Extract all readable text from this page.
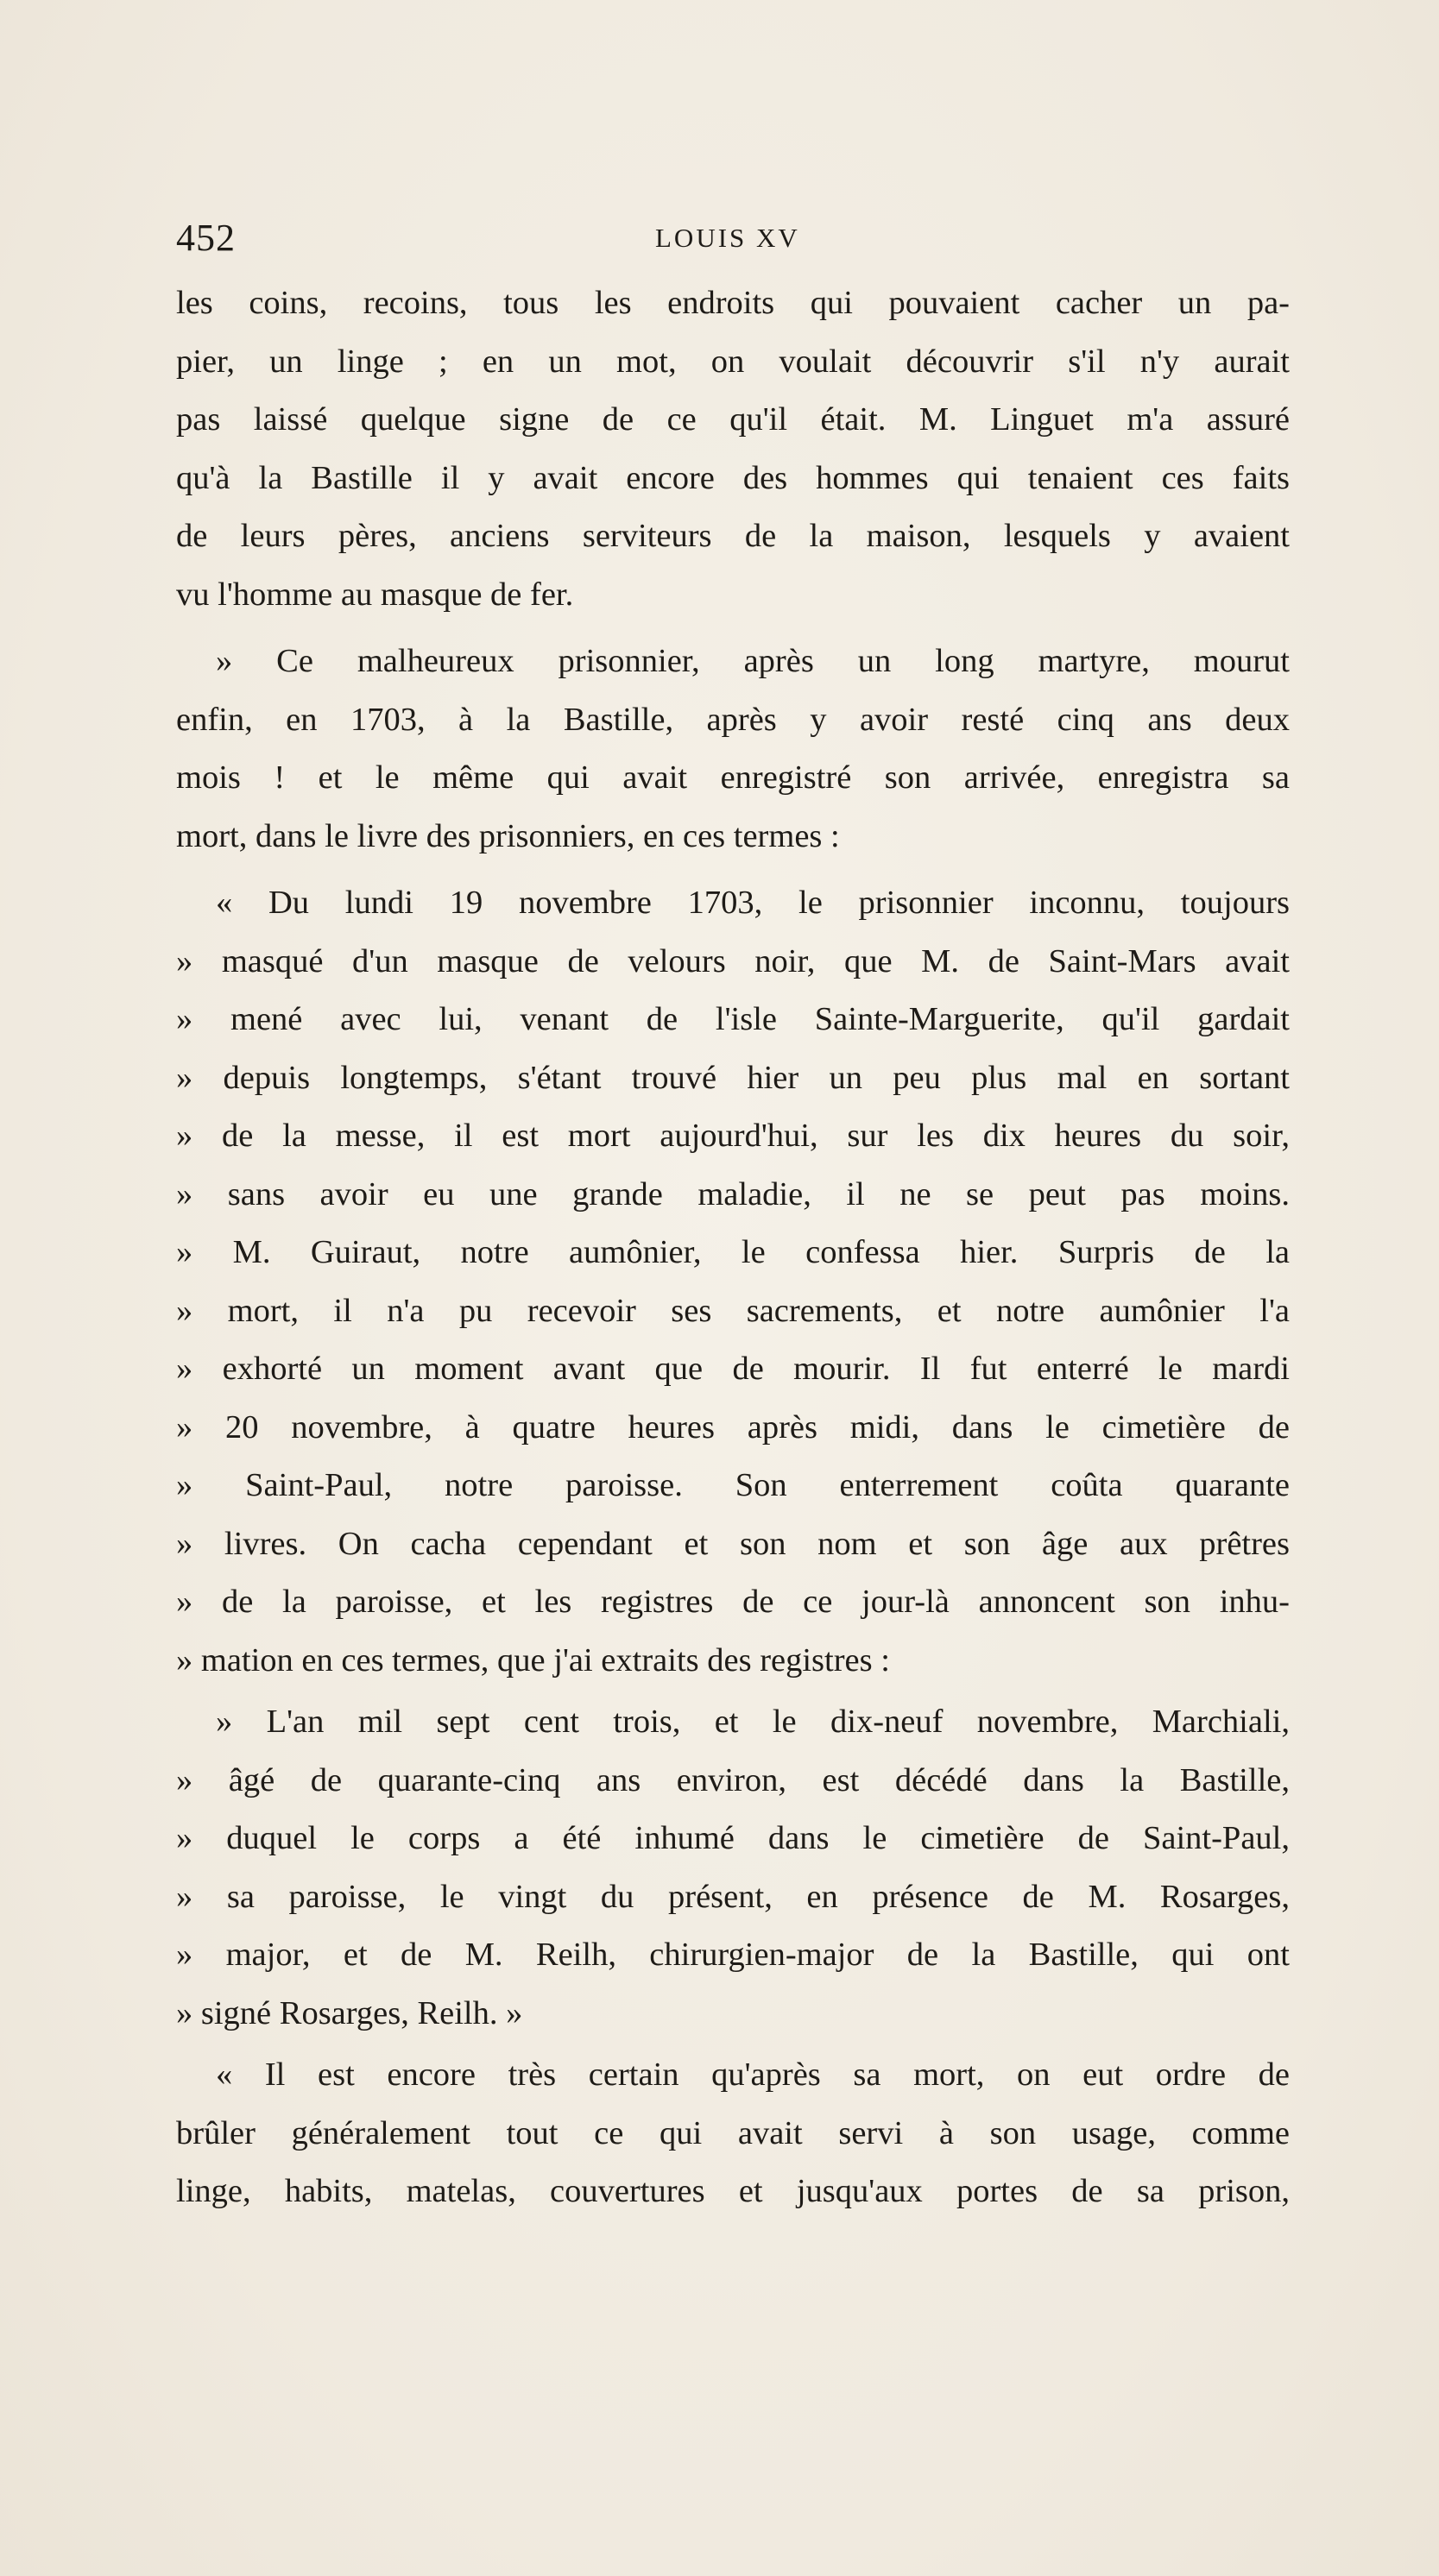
452	LOUIS XV
les coins, recoins, tous les endroits qui pouvaient cacher un pa-
pier, un linge ; en un mot, on voulait découvrir s'il n'y aurait
pas laissé quelque signe de ce qu'il était. M. Linguet m'a assuré
qu'à la Bastille il y avait encore des hommes qui tenaient ces faits
de leurs pères, anciens serviteurs de la maison, lesquels y avaient
vu l'homme au masque de fer.
» Ce malheureux prisonnier, après un long martyre, mourut
enfin, en 1703, à la Bastille, après y avoir resté cinq ans deux
mois ! et le même qui avait enregistré son arrivée, enregistra sa
mort, dans le livre des prisonniers, en ces termes :
« Du lundi 19 novembre 1703, le prisonnier inconnu, toujours
» masqué d'un masque de velours noir, que M. de Saint-Mars avait
» mené avec lui, venant de l'isle Sainte-Marguerite, qu'il gardait
» depuis longtemps, s'étant trouvé hier un peu plus mal en sortant
» de la messe, il est mort aujourd'hui, sur les dix heures du soir,
» sans avoir eu une grande maladie, il ne se peut pas moins.
» M. Guiraut, notre aumônier, le confessa hier. Surpris de la
» mort, il n'a pu recevoir ses sacrements, et notre aumônier l'a
» exhorté un moment avant que de mourir. Il fut enterré le mardi
» 20 novembre, à quatre heures après midi, dans le cimetière de
» Saint-Paul, notre paroisse. Son enterrement coûta quarante
» livres. On cacha cependant et son nom et son âge aux prêtres
» de la paroisse, et les registres de ce jour-là annoncent son inhu-
» mation en ces termes, que j'ai extraits des registres :
» L'an mil sept cent trois, et le dix-neuf novembre, Marchiali,
» âgé de quarante-cinq ans environ, est décédé dans la Bastille,
» duquel le corps a été inhumé dans le cimetière de Saint-Paul,
» sa paroisse, le vingt du présent, en présence de M. Rosarges,
» major, et de M. Reilh, chirurgien-major de la Bastille, qui ont
» signé Rosarges, Reilh. »
« Il est encore très certain qu'après sa mort, on eut ordre de
brûler généralement tout ce qui avait servi à son usage, comme
linge, habits, matelas, couvertures et jusqu'aux portes de sa prison,
